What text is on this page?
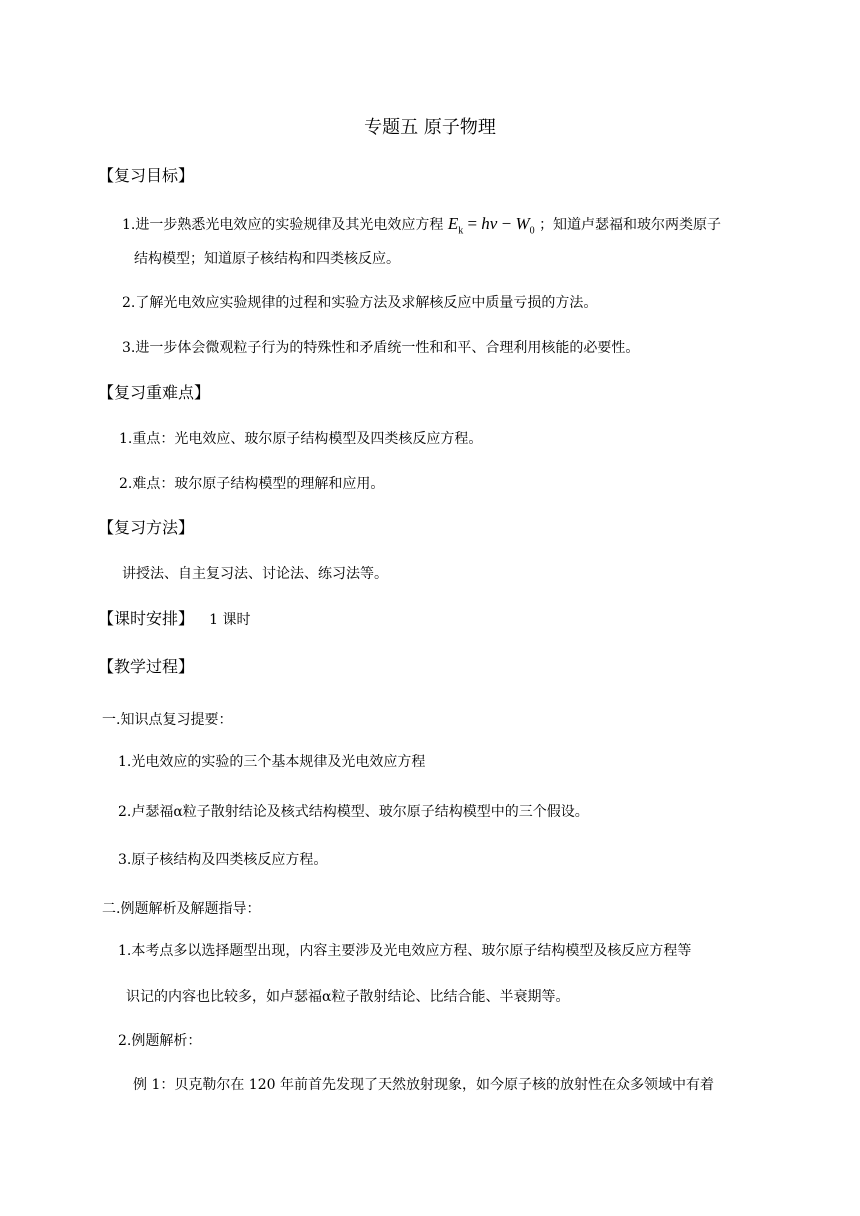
专题五 原子物理
【复习目标】
1.进一步熟悉光电效应的实验规律及其光电效应方程 $E_k = h\nu - W_0$ ；知道卢瑟福和玻尔两类原子
结构模型；知道原子核结构和四类核反应。
2.了解光电效应实验规律的过程和实验方法及求解核反应中质量亏损的方法。
3.进一步体会微观粒子行为的特殊性和矛盾统一性和和平、合理利用核能的必要性。
【复习重难点】
1.重点：光电效应、玻尔原子结构模型及四类核反应方程。
2.难点：玻尔原子结构模型的理解和应用。
【复习方法】
讲授法、自主复习法、讨论法、练习法等。
【课时安排】 1 课时
【教学过程】
一.知识点复习提要：
1.光电效应的实验的三个基本规律及光电效应方程
2.卢瑟福α粒子散射结论及核式结构模型、玻尔原子结构模型中的三个假设。
3.原子核结构及四类核反应方程。
二.例题解析及解题指导：
1.本考点多以选择题型出现，内容主要涉及光电效应方程、玻尔原子结构模型及核反应方程等
识记的内容也比较多，如卢瑟福α粒子散射结论、比结合能、半衰期等。
2.例题解析：
例 1：贝克勒尔在 120 年前首先发现了天然放射现象，如今原子核的放射性在众多领域中有着
